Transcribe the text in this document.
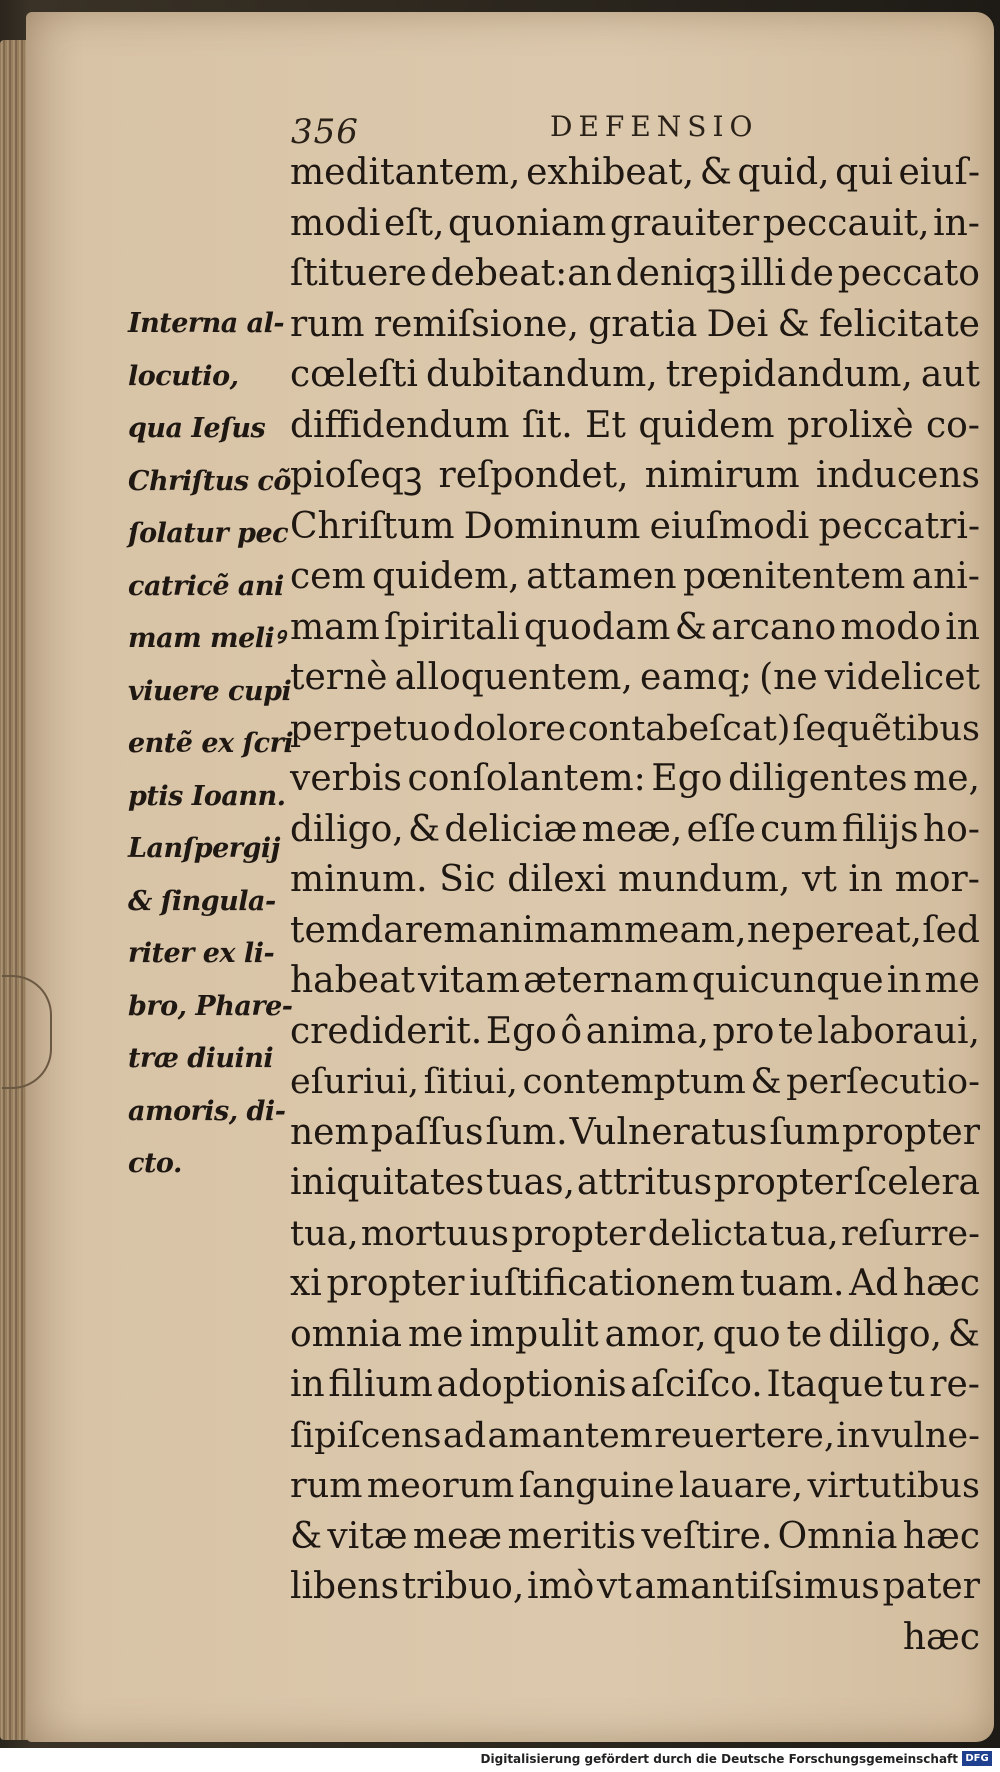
356	DEFENSIO
meditantem, exhibeat, & quid, qui eiuſ-
modi eſt, quoniam grauiter peccauit, in-
ſtituere debeat:an deniqꝫ illi de peccato
rum remiſsione, gratia Dei & felicitate
cœleſti dubitandum, trepidandum, aut
diffidendum ſit. Et quidem prolixè co-
pioſeqꝫ reſpondet, nimirum inducens
Chriſtum Dominum eiuſmodi peccatri-
cem quidem, attamen pœnitentem ani-
mam ſpiritali quodam & arcano modo in
ternè alloquentem, eamq; (ne videlicet
perpetuo dolore contabeſcat) ſequẽtibus
verbis conſolantem: Ego diligentes me,
diligo, & deliciæ meæ, eſſe cum filijs ho-
minum. Sic dilexi mundum, vt in mor-
tem darem animam meam, ne pereat, ſed
habeat vitam æternam quicunque in me
crediderit. Ego ô anima, pro te laboraui,
eſuriui, ſitiui, contemptum & perſecutio-
nem paſſus ſum. Vulneratus ſum propter
iniquitates tuas, attritus propter ſcelera
tua, mortuus propter delicta tua, reſurre-
xi propter iuſtificationem tuam. Ad hæc
omnia me impulit amor, quo te diligo, &
in filium adoptionis aſciſco. Itaque tu re-
ſipiſcens ad amantem reuertere, in vulne-
rum meorum ſanguine lauare, virtutibus
& vitæ meæ meritis veſtire. Omnia hæc
libens tribuo, imò vt amantiſsimus pater
hæc
Interna al-
locutio,
qua Ieſus
Chriſtus cõ
ſolatur pec
catricẽ ani
mam meliꝰ
viuere cupi
entẽ ex ſcri
ptis Ioann.
Lanſpergij
& ſingula-
riter ex li-
bro, Phare-
træ diuini
amoris, di-
cto.
Digitalisierung gefördert durch die Deutsche Forschungsgemeinschaft DFG
